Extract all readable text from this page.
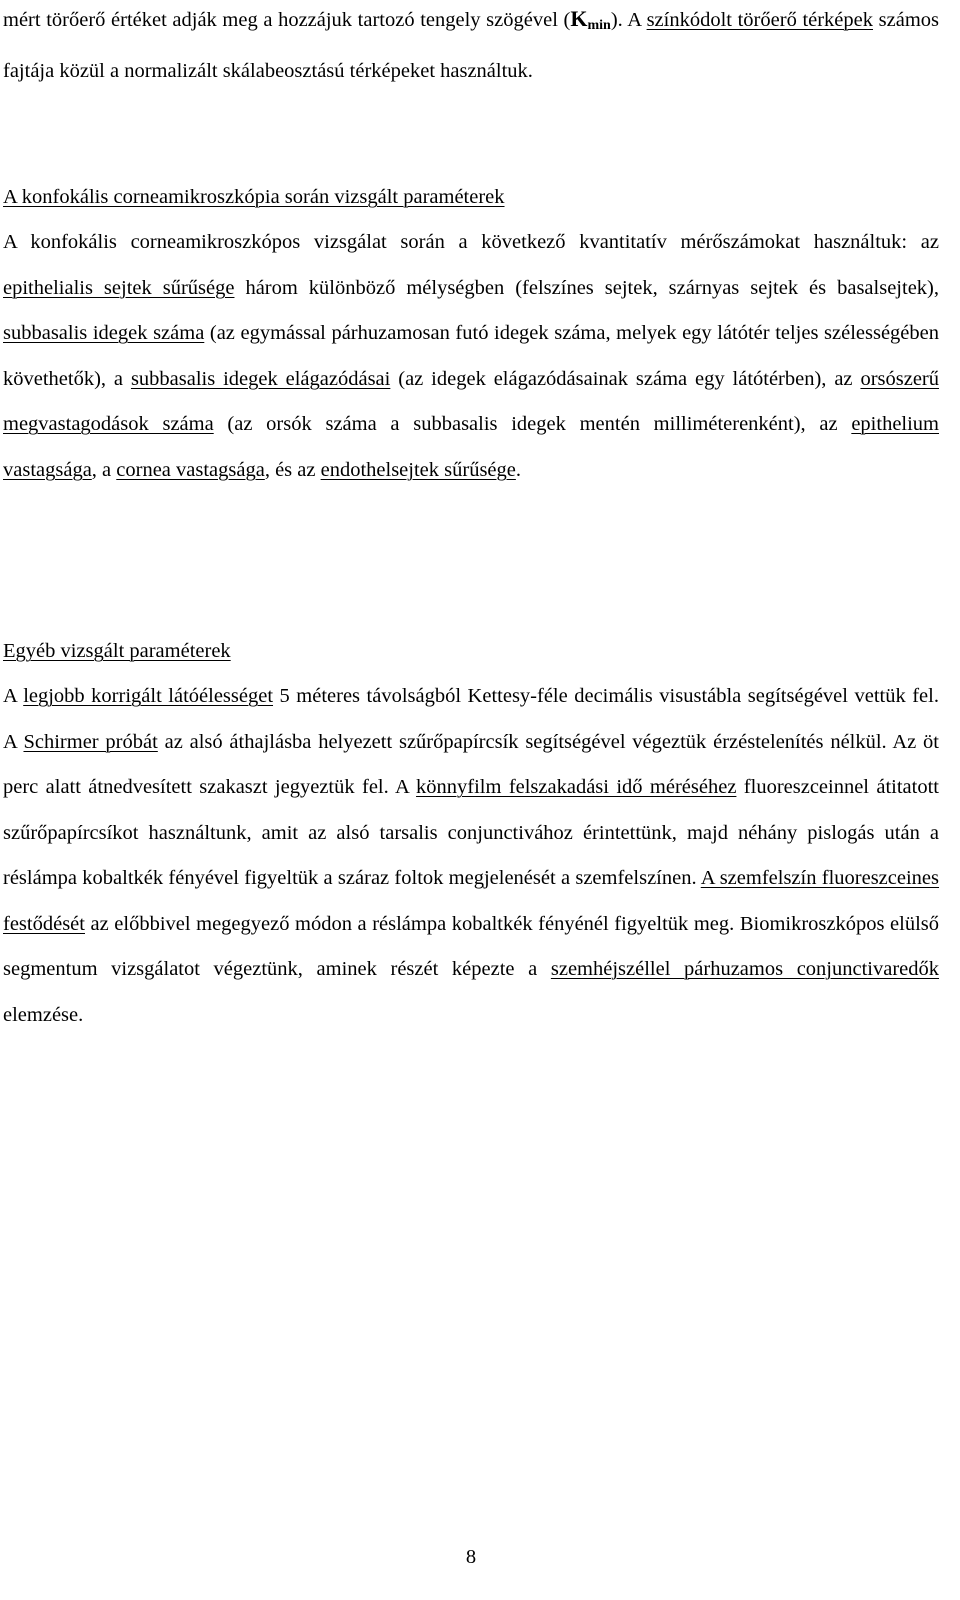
mért törőerő értéket adják meg a hozzájuk tartozó tengely szögével $(K_{min})$. A színkódolt törőerő térképek számos fajtája közül a normalizált skálabeosztású térképeket használtuk.

A konfokális corneamikroszkópia során vizsgált paraméterek

A konfokális corneamikroszkópos vizsgálat során a következő kvantitatív mérőszámokat használtuk: az epithelialis sejtek sűrűsége három különböző mélységben (felszínes sejtek, szárnyas sejtek és basalsejtek), subbasalis idegek száma (az egymással párhuzamosan futó idegek száma, melyek egy látótér teljes szélességében követhetők), a subbasalis idegek elágazódásai (az idegek elágazódásainak száma egy látótérben), az orsószerű megvastagodások száma (az orsók száma a subbasalis idegek mentén milliméterenként), az epithelium vastagsága, a cornea vastagsága, és az endothelsejtek sűrűsége.

Egyéb vizsgált paraméterek

A legjobb korrigált látóélességet 5 méteres távolságból Kettesy-féle decimális visustábla segítségével vettük fel. A Schirmer próbát az alsó áthajlásba helyezett szűrőpapírcsík segítségével végeztük érzéstelenítés nélkül. Az öt perc alatt átnedvesített szakaszt jegyeztük fel. A könnyfilm felszakadási idő méréséhez fluoreszceinnel átitatott szűrőpapírcsíkot használtunk, amit az alsó tarsalis conjunctivához érintettünk, majd néhány pislogás után a réslámpa kobaltkék fényével figyeltük a száraz foltok megjelenését a szemfelszínen. A szemfelszín fluoreszceines festődését az előbbivel megegyező módon a réslámpa kobaltkék fényénél figyeltük meg. Biomikroszkópos elülső segmentum vizsgálatot végeztünk, aminek részét képezte a szemhéjszéllel párhuzamos conjunctivaredők elemzése.

8
